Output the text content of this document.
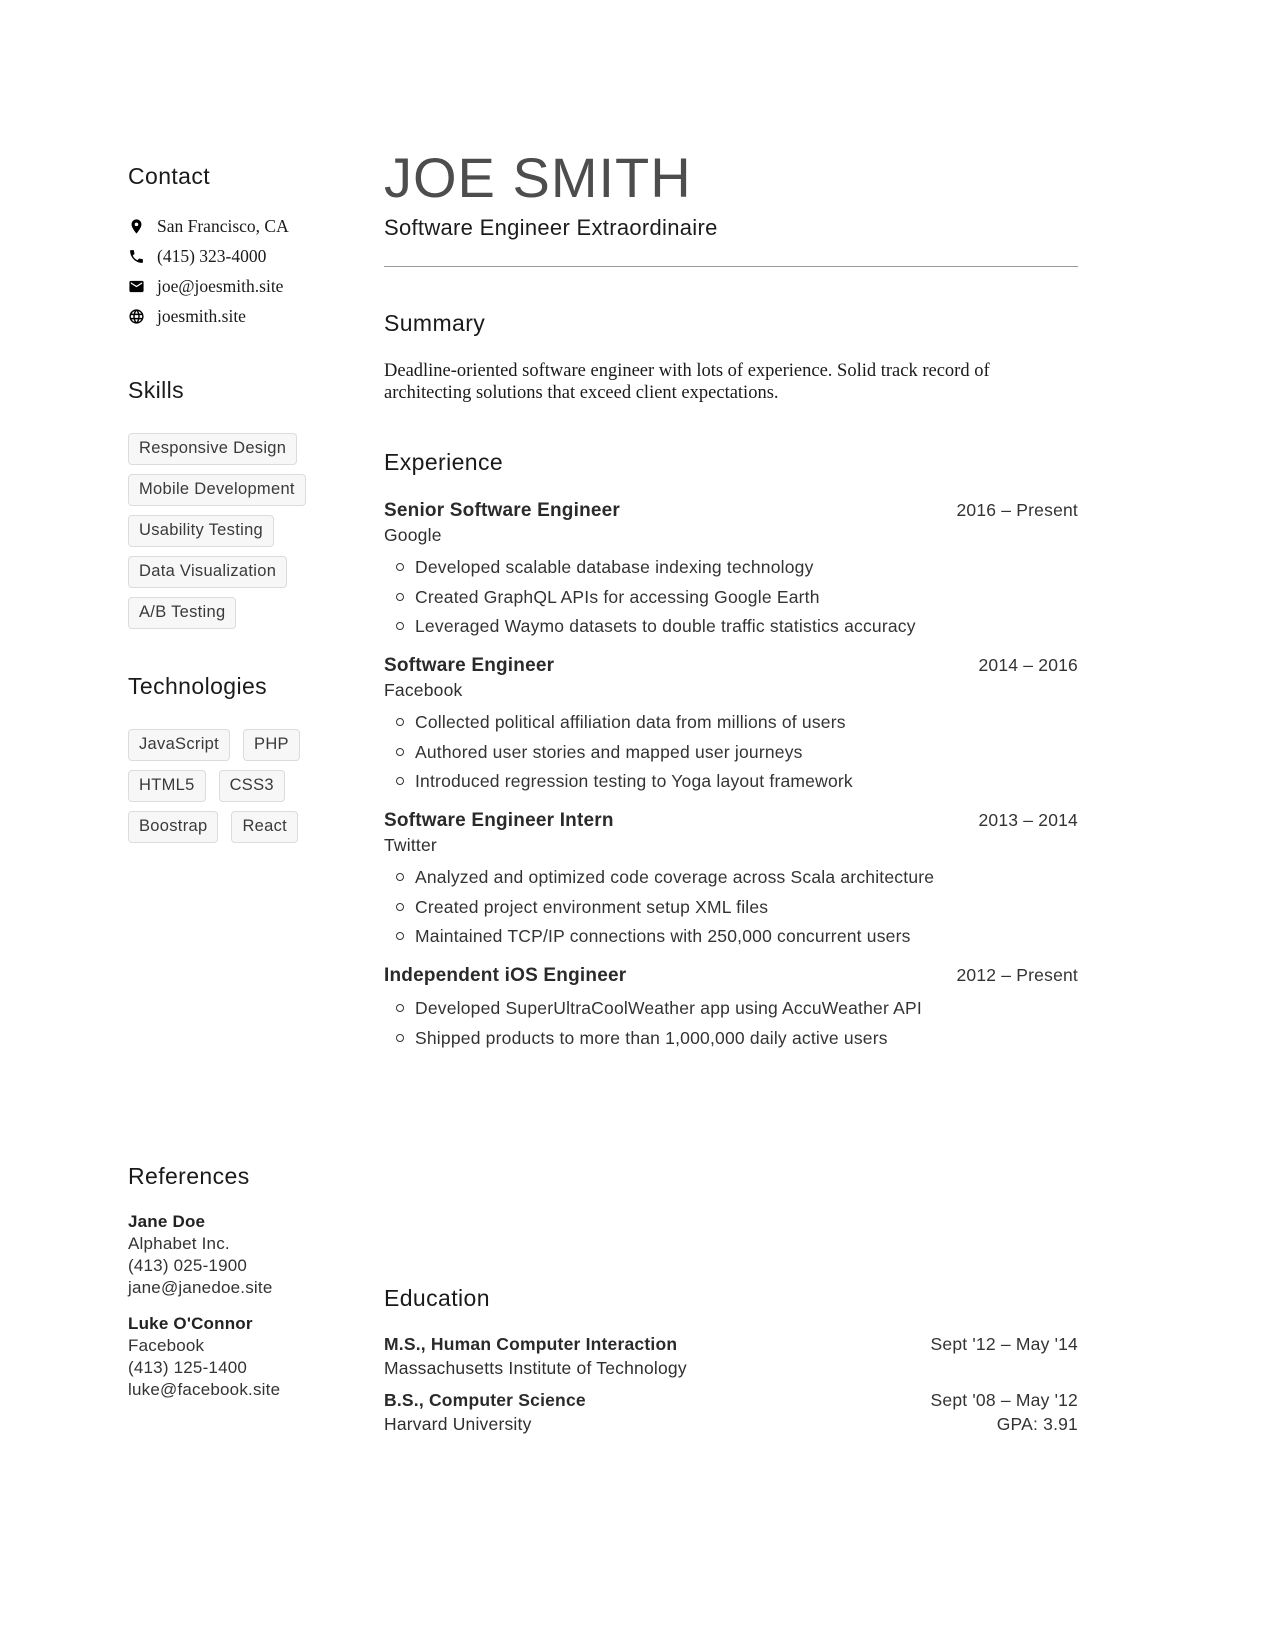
Contact
San Francisco, CA
(415) 323-4000
joe@joesmith.site
joesmith.site
Skills
Responsive Design
Mobile Development
Usability Testing
Data Visualization
A/B Testing
Technologies
JavaScript	PHP
HTML5	CSS3
Boostrap	React
References
Jane Doe
Alphabet Inc.
(413) 025-1900
jane@janedoe.site
Luke O'Connor
Facebook
(413) 125-1400
luke@facebook.site
JOE SMITH
Software Engineer Extraordinaire
Summary

Deadline-oriented software engineer with lots of experience. Solid track record of architecting solutions that exceed client expectations.

Experience
Senior Software Engineer
Google
2016 – Present
Developed scalable database indexing technology
Created GraphQL APIs for accessing Google Earth
Leveraged Waymo datasets to double traffic statistics accuracy
Software Engineer
Facebook
2014 – 2016
Collected political affiliation data from millions of users
Authored user stories and mapped user journeys
Introduced regression testing to Yoga layout framework
Software Engineer Intern
Twitter
2013 – 2014
Analyzed and optimized code coverage across Scala architecture
Created project environment setup XML files
Maintained TCP/IP connections with 250,000 concurrent users
Independent iOS Engineer	2012 – Present
Developed SuperUltraCoolWeather app using AccuWeather API
Shipped products to more than 1,000,000 daily active users
Education
M.S., Human Computer Interaction
Massachusetts Institute of Technology
Sept '12 – May '14
B.S., Computer Science
Harvard University
Sept '08 – May '12
GPA: 3.91
